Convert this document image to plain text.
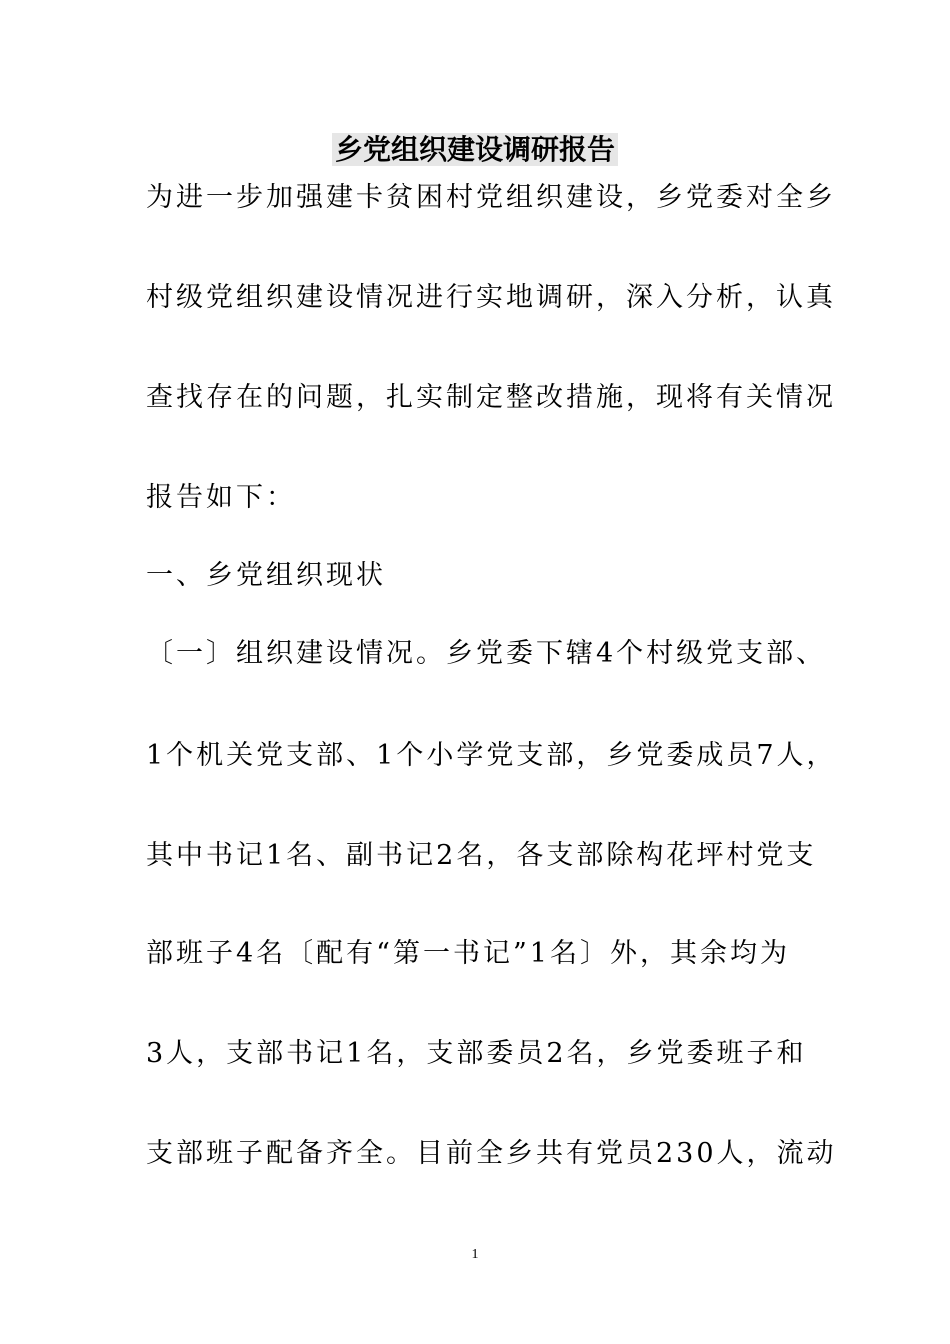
乡党组织建设调研报告
为进一步加强建卡贫困村党组织建设，乡党委对全乡
村级党组织建设情况进行实地调研，深入分析，认真
查找存在的问题，扎实制定整改措施，现将有关情况
报告如下：
一、乡党组织现状
〔一〕组织建设情况。乡党委下辖4个村级党支部、
1个机关党支部、1个小学党支部，乡党委成员7人，
其中书记1名、副书记2名，各支部除构花坪村党支
部班子4名〔配有“第一书记”1名〕外，其余均为
3人，支部书记1名，支部委员2名，乡党委班子和
支部班子配备齐全。目前全乡共有党员230人，流动
1
